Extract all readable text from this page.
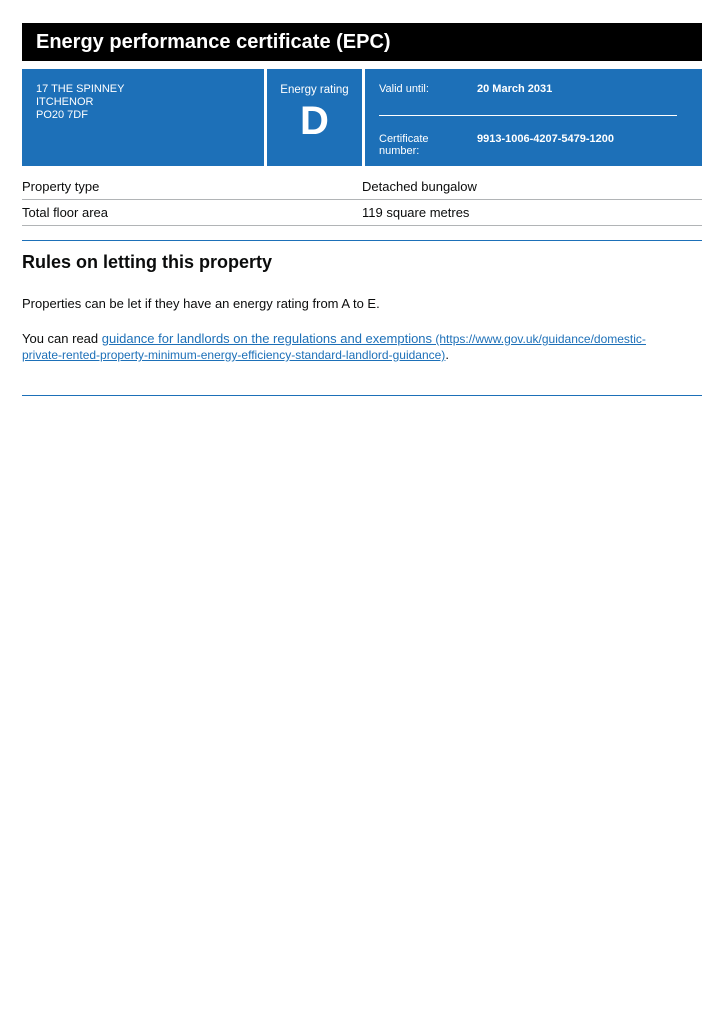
Energy performance certificate (EPC)
17 THE SPINNEY
ITCHENOR
PO20 7DF
Energy rating
D
Valid until:	20 March 2031
Certificate number:
9913-1006-4207-5479-1200
Property type	Detached bungalow
Total floor area	119 square metres
Rules on letting this property

Properties can be let if they have an energy rating from A to E.

You can read guidance for landlords on the regulations and exemptions (https://www.gov.uk/guidance/domestic-
private-rented-property-minimum-energy-efficiency-standard-landlord-guidance).
